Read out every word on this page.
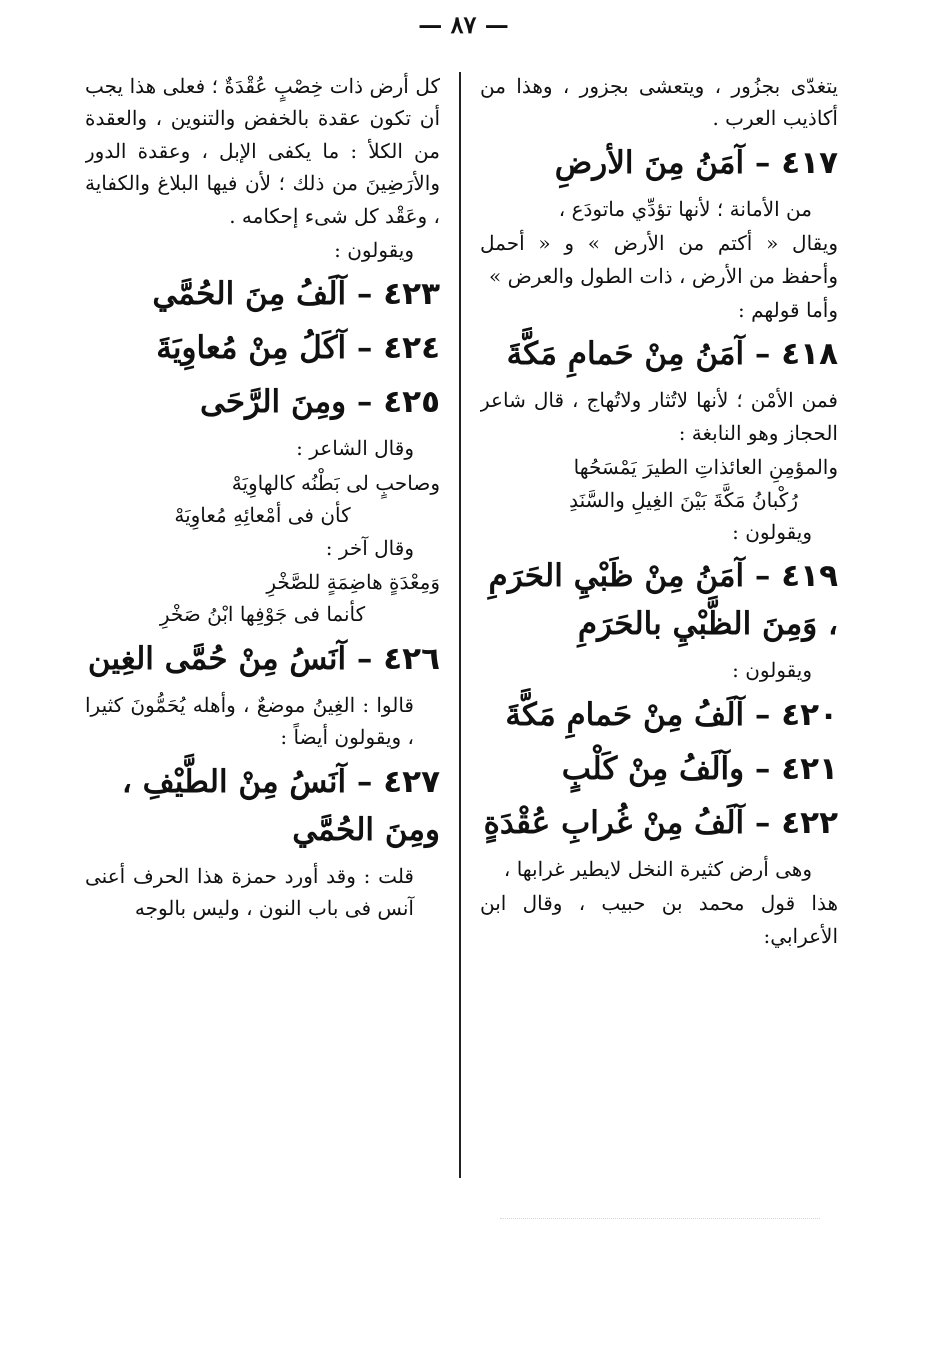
— ٨٧ —
يتغدّى بجزُور ، ويتعشى بجزور ، وهذا من أكاذيب العرب .
٤١٧ – آمَنُ مِنَ الأرضِ
من الأمانة ؛ لأنها تؤدِّي ماتودَع ،
ويقال « أكتم من الأرض » و « أحمل وأحفظ من الأرض ، ذات الطول والعرض »
وأما قولهم :
٤١٨ – آمَنُ مِنْ حَمامِ مَكَّةَ
فمن الأمْن ؛ لأنها لاتُثار ولاتُهاج ، قال شاعر الحجاز وهو النابغة :
والمؤمِنِ العائذاتِ الطيرَ يَمْسَحُها
رُكْبانُ مَكَّةَ بَيْنَ الغِيلِ والسَّنَدِ
ويقولون :
٤١٩ – آمَنُ مِنْ ظَبْيِ الحَرَمِ ، وَمِنَ الظَّبْيِ بالحَرَمِ
ويقولون :
٤٢٠ – آلَفُ مِنْ حَمامِ مَكَّةَ
٤٢١ – وآلَفُ مِنْ كَلْبٍ
٤٢٢ – آلَفُ مِنْ غُرابِ عُقْدَةٍ
وهى أرض كثيرة النخل لايطير غرابها ،
هذا قول محمد بن حبيب ، وقال ابن الأعرابي:
كل أرض ذات خِصْبٍ عُقْدَةٌ ؛ فعلى هذا يجب أن تكون عقدة بالخفض والتنوين ، والعقدة من الكلأ : ما يكفى الإبل ، وعقدة الدور والأرَضِينَ من ذلك ؛ لأن فيها البلاغ والكفاية ، وعَقْد كل شىء إحكامه .
ويقولون :
٤٢٣ – آلَفُ مِنَ الحُمَّي
٤٢٤ – آكَلُ مِنْ مُعاوِيَةَ
٤٢٥ – ومِنَ الرَّحَى
وقال الشاعر :
وصاحبٍ لى بَطْنُه كالهاوِيَهْ
كأن فى أمْعائِهِ مُعاوِيَهْ
وقال آخر :
وَمِعْدَةٍ هاضِمَةٍ للصَّخْرِ
كأنما فى جَوْفِها ابْنُ صَخْرِ
٤٢٦ – آنَسُ مِنْ حُمَّى الغِين
قالوا : الغِينُ موضعٌ ، وأهله يُحَمُّونَ كثيرا ، ويقولون أيضاً :
٤٢٧ – آنَسُ مِنْ الطَّيْفِ ، ومِنَ الحُمَّي
قلت : وقد أورد حمزة هذا الحرف أعنى آنس فى باب النون ، وليس بالوجه
